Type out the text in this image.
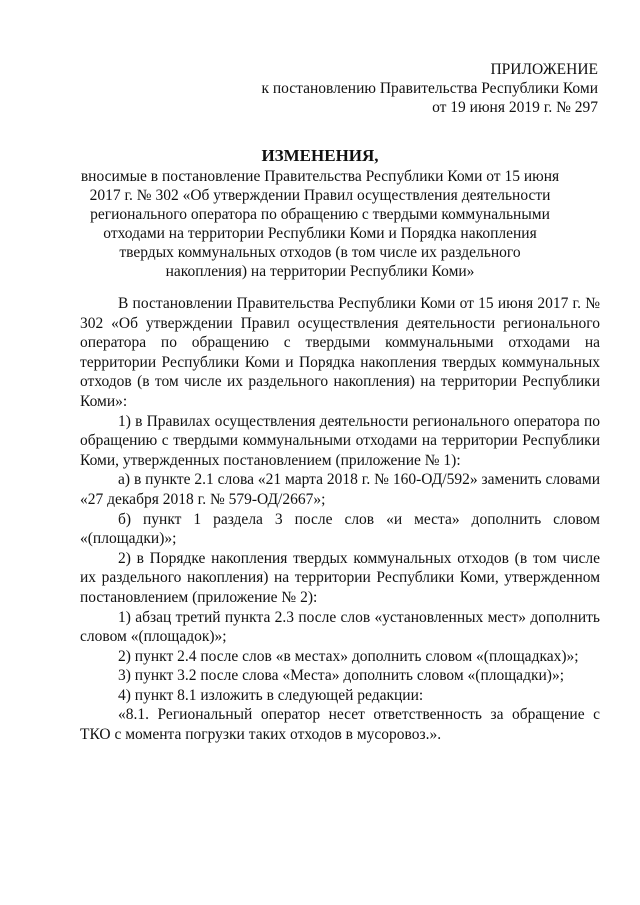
ПРИЛОЖЕНИЕ
к постановлению Правительства Республики Коми
от 19 июня 2019 г. № 297
ИЗМЕНЕНИЯ,
вносимые в постановление Правительства Республики Коми от 15 июня 2017 г. № 302 «Об утверждении Правил осуществления деятельности регионального оператора по обращению с твердыми коммунальными отходами на территории Республики Коми и Порядка накопления твердых коммунальных отходов (в том числе их раздельного накопления) на территории Республики Коми»

В постановлении Правительства Республики Коми от 15 июня 2017 г. № 302 «Об утверждении Правил осуществления деятельности регионального оператора по обращению с твердыми коммунальными отходами на территории Республики Коми и Порядка накопления твердых коммунальных отходов (в том числе их раздельного накопления) на территории Республики Коми»:

1) в Правилах осуществления деятельности регионального оператора по обращению с твердыми коммунальными отходами на территории Республики Коми, утвержденных постановлением (приложение № 1):

а) в пункте 2.1 слова «21 марта 2018 г. № 160-ОД/592» заменить словами «27 декабря 2018 г. № 579-ОД/2667»;

б) пункт 1 раздела 3 после слов «и места» дополнить словом «(площадки)»;

2) в Порядке накопления твердых коммунальных отходов (в том числе их раздельного накопления) на территории Республики Коми, утвержденном постановлением (приложение № 2):

1) абзац третий пункта 2.3 после слов «установленных мест» дополнить словом «(площадок)»;

2) пункт 2.4 после слов «в местах» дополнить словом «(площадках)»;

3) пункт 3.2 после слова «Места» дополнить словом «(площадки)»;

4) пункт 8.1 изложить в следующей редакции:

«8.1. Региональный оператор несет ответственность за обращение с ТКО с момента погрузки таких отходов в мусоровоз.».
